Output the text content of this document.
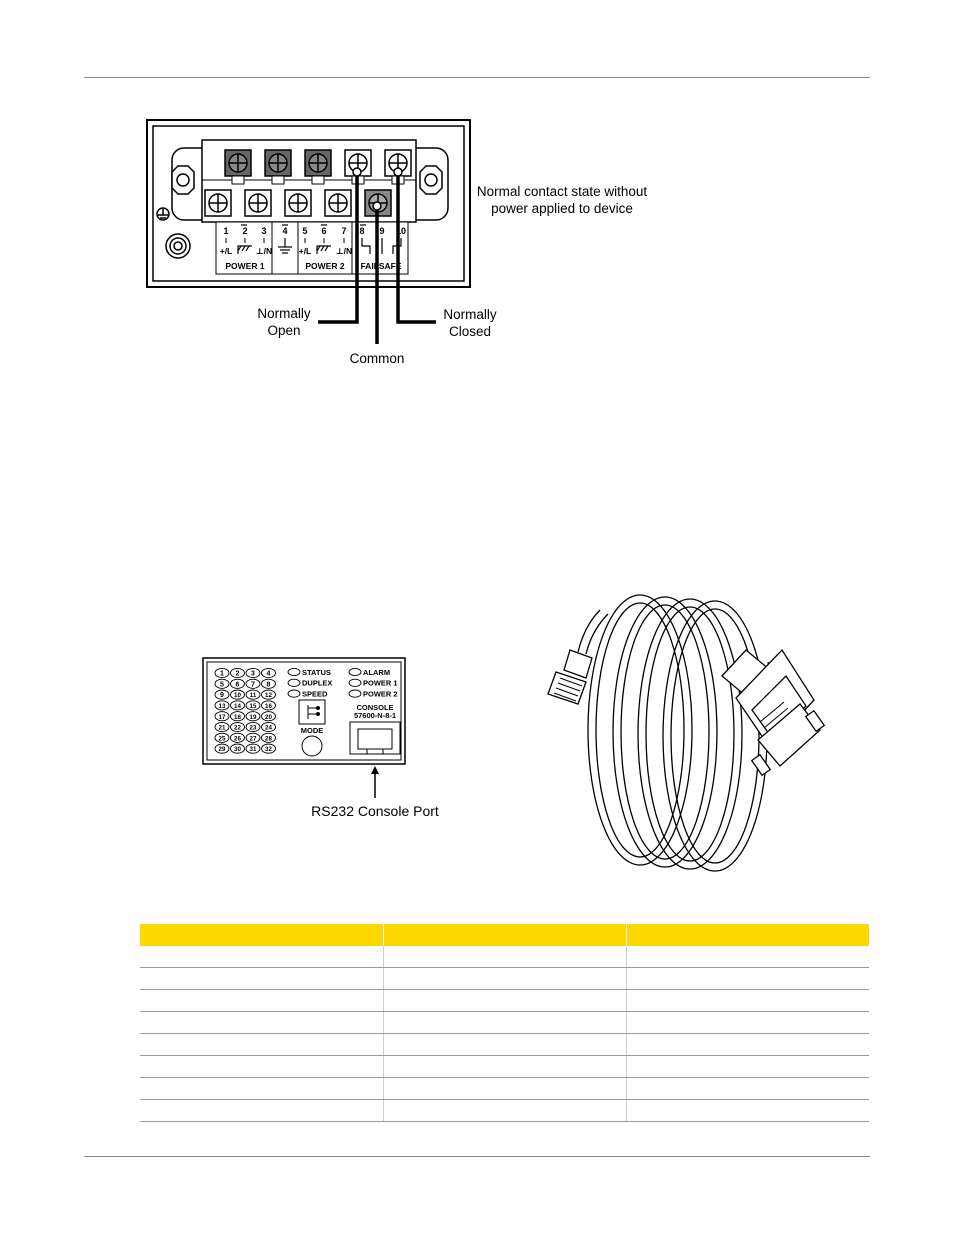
1 2 3 4 5 6 7 8 9 10
+/L	⊥/N	+/L	⊥/N
POWER 1	POWER 2 FAILSAFE
Normal contact state without
power applied to device
Normally
Open
Common
Normally
Closed
1 2 3 4
5 6 7 8
9 10 11 12
13 14 15 16
17 18 19 20
21 22 23 24
25 26 27 28
29 30 31 32
STATUS
DUPLEX
SPEED
ALARM
POWER 1
POWER 2
MODE
CONSOLE
57600-N-8-1
RS232 Console Port
